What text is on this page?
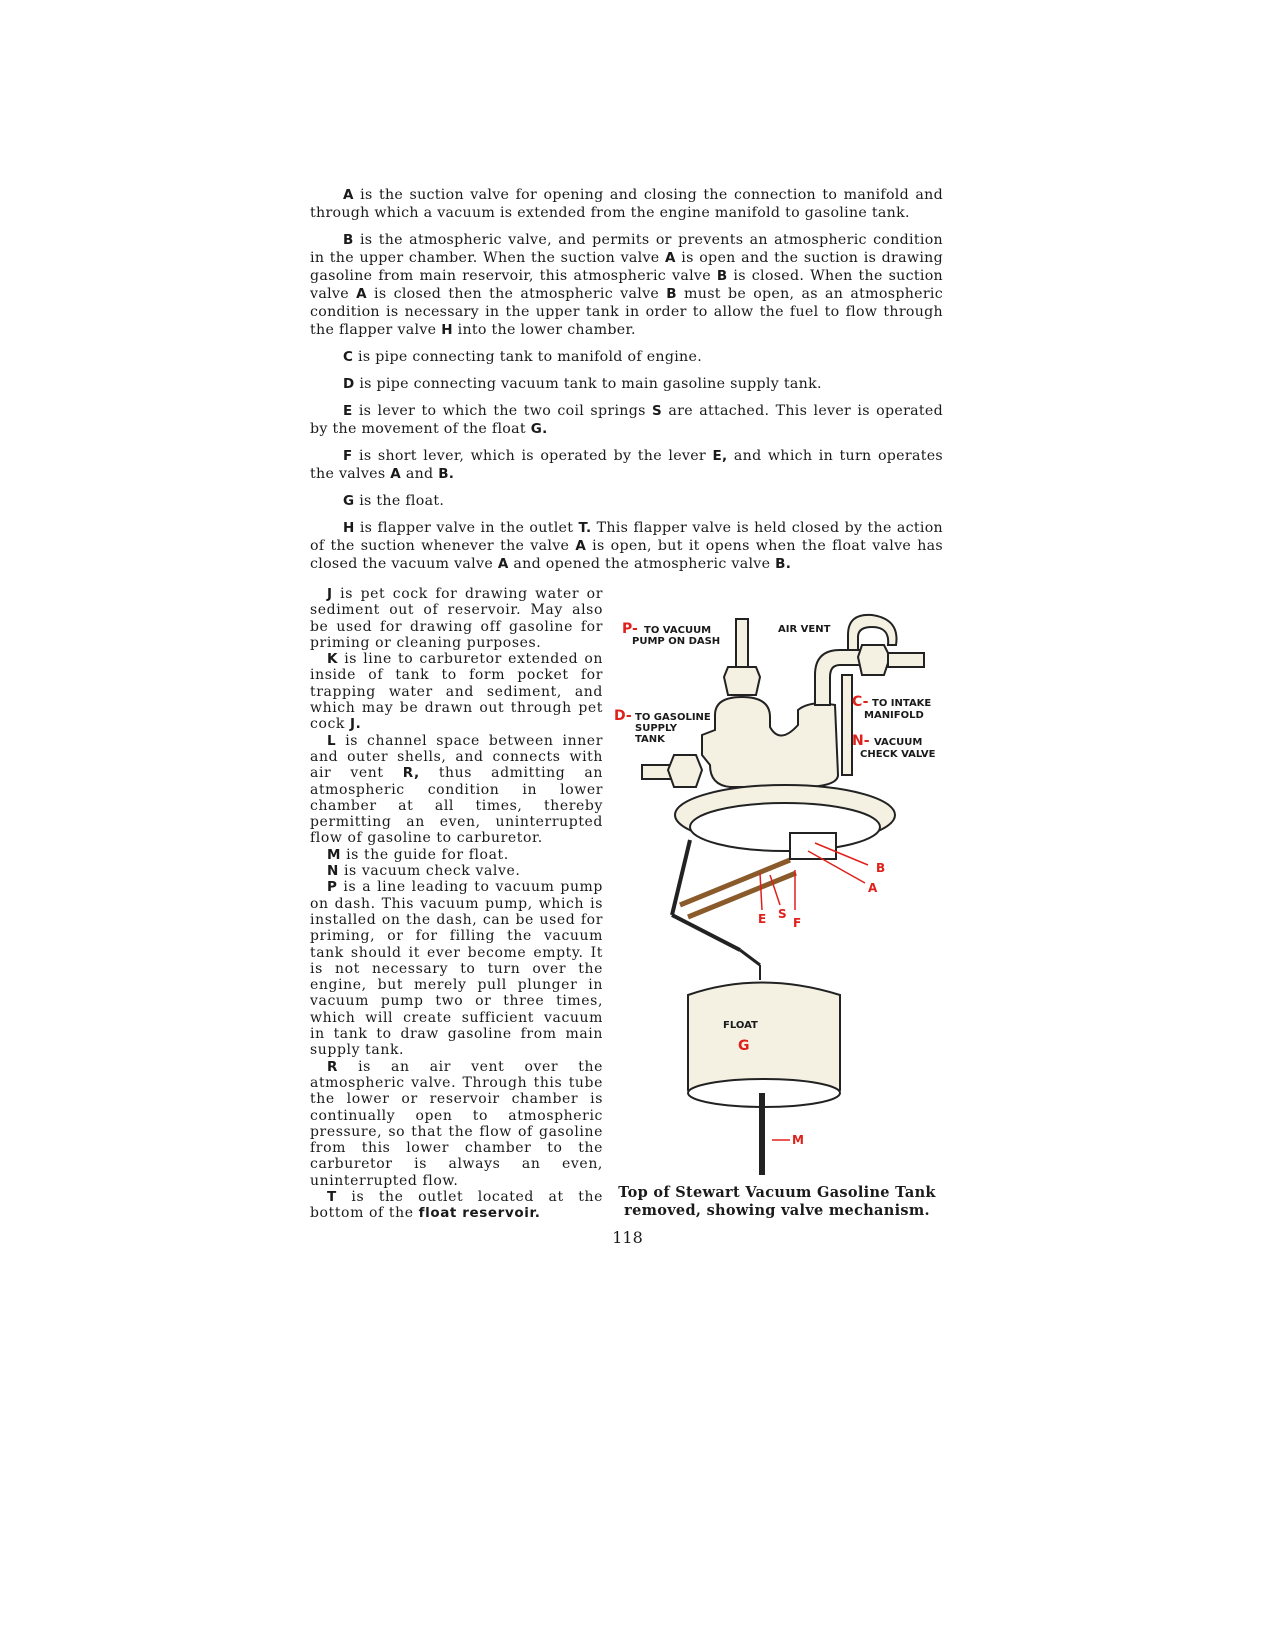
A is the suction valve for opening and closing the connection to manifold and through which a vacuum is extended from the engine manifold to gasoline tank.
B is the atmospheric valve, and permits or prevents an atmospheric condition in the upper chamber. When the suction valve A is open and the suction is drawing gasoline from main reservoir, this atmospheric valve B is closed. When the suction valve A is closed then the atmospheric valve B must be open, as an atmospheric condition is necessary in the upper tank in order to allow the fuel to flow through the flapper valve H into the lower chamber.
C is pipe connecting tank to manifold of engine.
D is pipe connecting vacuum tank to main gasoline supply tank.
E is lever to which the two coil springs S are attached. This lever is operated by the movement of the float G.
F is short lever, which is operated by the lever E, and which in turn operates the valves A and B.
G is the float.
H is flapper valve in the outlet T. This flapper valve is held closed by the action of the suction whenever the valve A is open, but it opens when the float valve has closed the vacuum valve A and opened the atmospheric valve B.
J is pet cock for drawing water or sediment out of reservoir. May also be used for drawing off gasoline for priming or cleaning purposes.
K is line to carburetor extended on inside of tank to form pocket for trapping water and sediment, and which may be drawn out through pet cock J.
L is channel space between inner and outer shells, and connects with air vent R, thus admitting an atmospheric condition in lower chamber at all times, thereby permitting an even, uninterrupted flow of gasoline to carburetor.
M is the guide for float.
N is vacuum check valve.
P is a line leading to vacuum pump on dash. This vacuum pump, which is installed on the dash, can be used for priming, or for filling the vacuum tank should it ever become empty. It is not necessary to turn over the engine, but merely pull plunger in vacuum pump two or three times, which will create sufficient vacuum in tank to draw gasoline from main supply tank.
R is an air vent over the atmospheric valve. Through this tube the lower or reservoir chamber is continually open to atmospheric pressure, so that the flow of gasoline from this lower chamber to the carburetor is always an even, uninterrupted flow.
T is the outlet located at the bottom of the float reservoir.
P- TO VACUUM
PUMP ON DASH
AIR VENT
D- TO GASOLINE
SUPPLY
TANK
C- TO INTAKE
MANIFOLD
N- VACUUM
CHECK VALVE
B
A
E S
F
FLOAT
G
M
Top of Stewart Vacuum Gasoline Tank
removed, showing valve mechanism.
118
